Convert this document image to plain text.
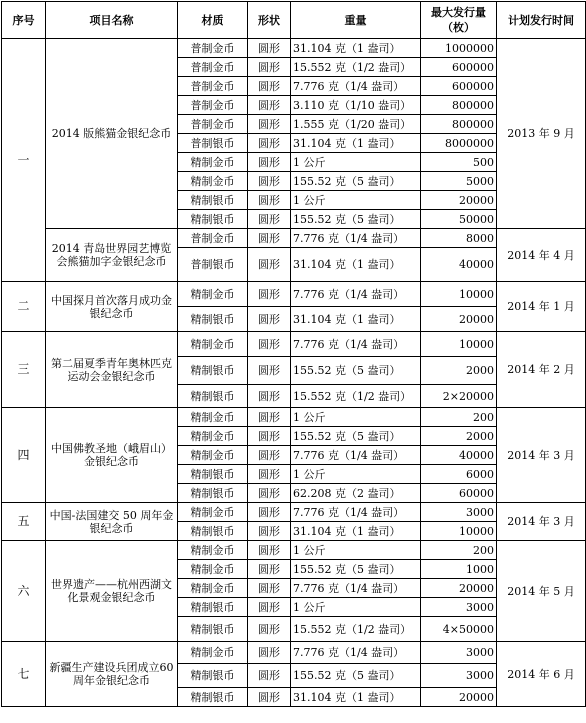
序号	项目名称	材质	形状	重量	最大发行量（枚）	计划发行时间
一	2014 版熊猫金银纪念币	普制金币	圆形	31.104 克（1 盎司）	1000000	2013 年 9 月
		普制金币	圆形	15.552 克（1/2 盎司）	600000	
		普制金币	圆形	7.776 克（1/4 盎司）	600000	
		普制金币	圆形	3.110 克（1/10 盎司）	800000	
		普制金币	圆形	1.555 克（1/20 盎司）	800000	
		普制银币	圆形	31.104 克（1 盎司）	8000000	
		精制金币	圆形	1 公斤	500	
		精制金币	圆形	155.52 克（5 盎司）	5000	
		精制银币	圆形	1 公斤	20000	
		精制银币	圆形	155.52 克（5 盎司）	50000	
	2014 青岛世界园艺博览会熊猫加字金银纪念币	普制金币	圆形	7.776 克（1/4 盎司）	8000	2014 年 4 月
		普制银币	圆形	31.104 克（1 盎司）	40000	
二	中国探月首次落月成功金银纪念币	精制金币	圆形	7.776 克（1/4 盎司）	10000	2014 年 1 月
		精制银币	圆形	31.104 克（1 盎司）	20000	
三	第二届夏季青年奥林匹克运动会金银纪念币	精制金币	圆形	7.776 克（1/4 盎司）	10000	2014 年 2 月
		精制银币	圆形	155.52 克（5 盎司）	2000	
		精制银币	圆形	15.552 克（1/2 盎司）	2×20000	
四	中国佛教圣地（峨眉山）金银纪念币	精制金币	圆形	1 公斤	200	2014 年 3 月
		精制金币	圆形	155.52 克（5 盎司）	2000	
		精制金币	圆形	7.776 克（1/4 盎司）	40000	
		精制银币	圆形	1 公斤	6000	
		精制银币	圆形	62.208 克（2 盎司）	60000	
五	中国-法国建交 50 周年金银纪念币	精制金币	圆形	7.776 克（1/4 盎司）	3000	2014 年 3 月
		精制银币	圆形	31.104 克（1 盎司）	10000	
六	世界遗产——杭州西湖文化景观金银纪念币	精制金币	圆形	1 公斤	200	2014 年 5 月
		精制金币	圆形	155.52 克（5 盎司）	1000	
		精制金币	圆形	7.776 克（1/4 盎司）	20000	
		精制银币	圆形	1 公斤	3000	
		精制银币	圆形	15.552 克（1/2 盎司）	4×50000	
七	新疆生产建设兵团成立60周年金银纪念币	精制金币	圆形	7.776 克（1/4 盎司）	3000	2014 年 6 月
		精制银币	圆形	155.52 克（5 盎司）	3000	
		精制银币	圆形	31.104 克（1 盎司）	20000	
